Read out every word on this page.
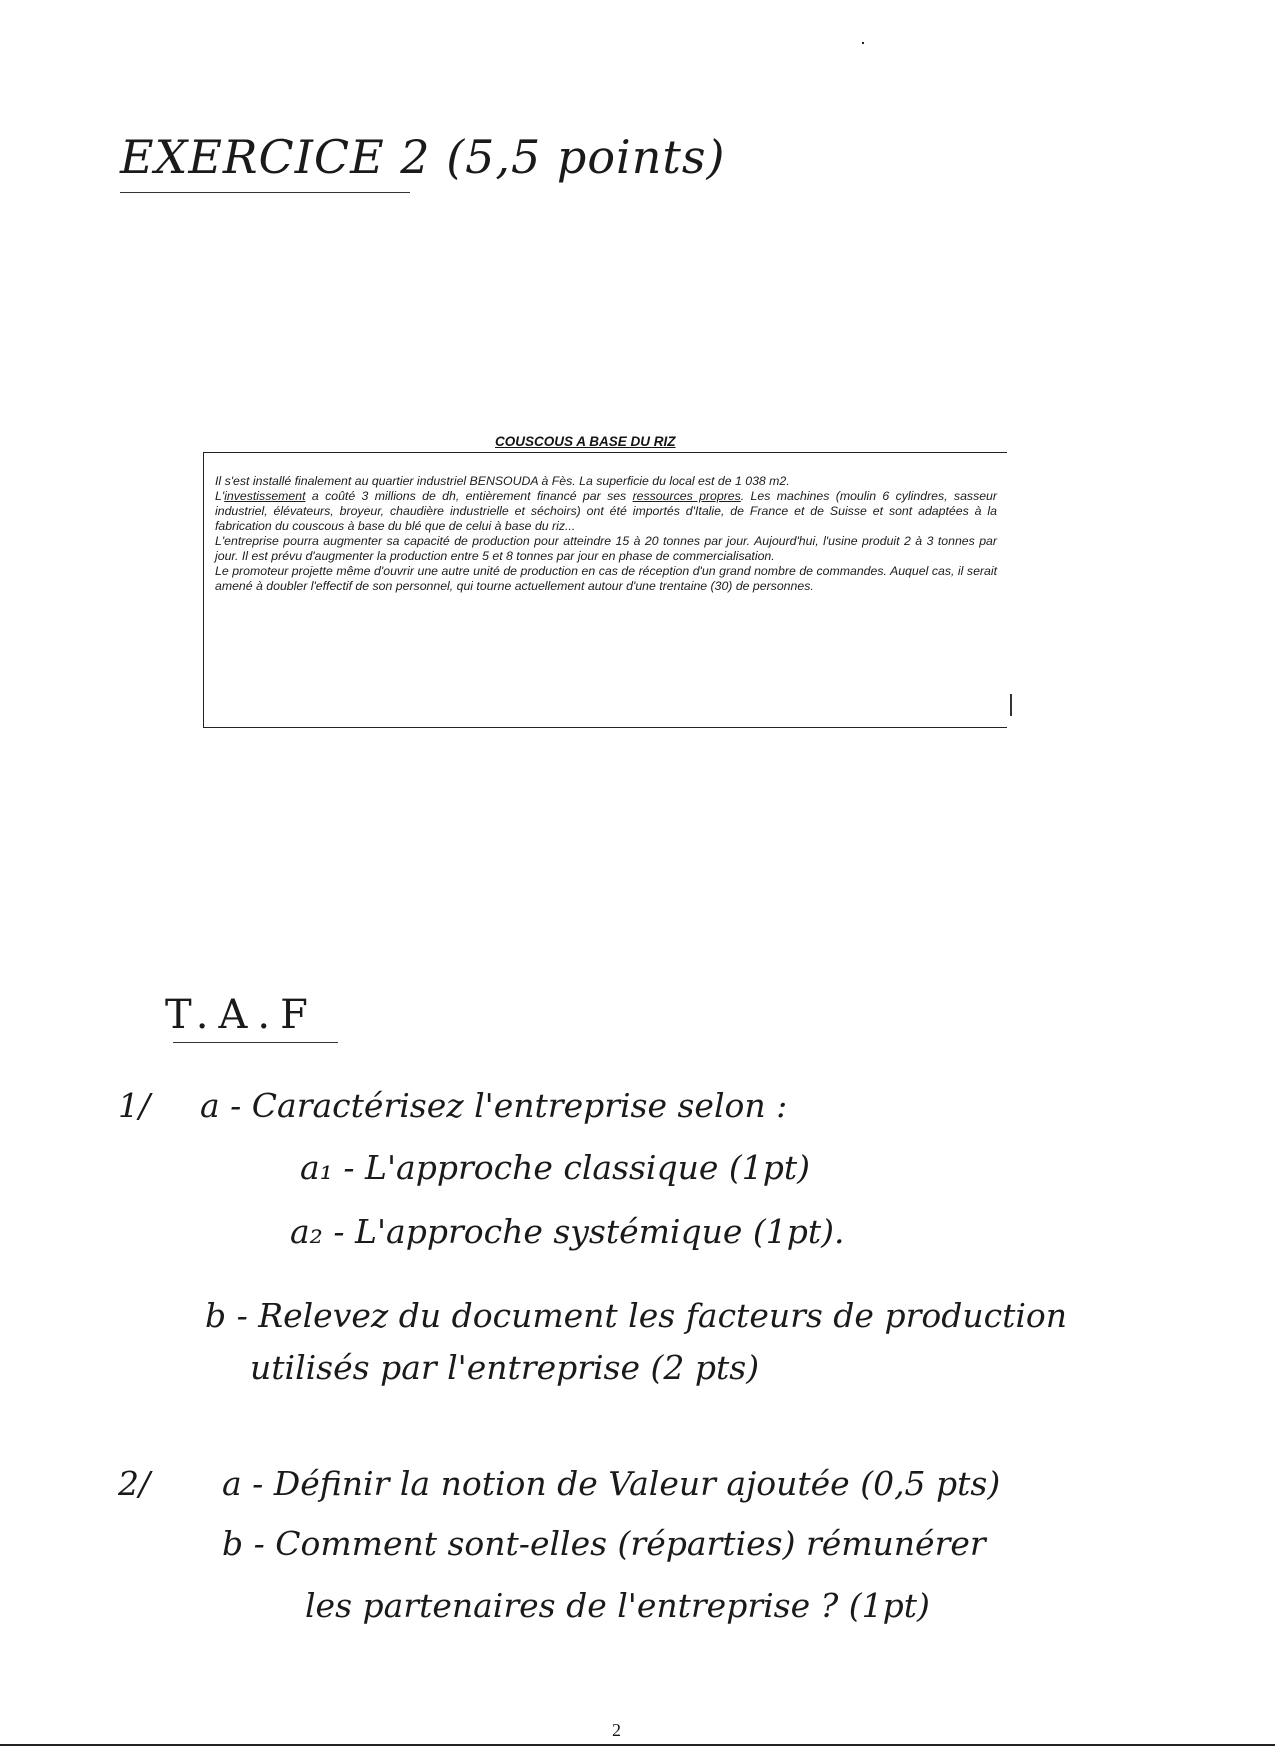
EXERCICE 2 (5,5 points)
COUSCOUS A BASE DU RIZ

Il s'est installé finalement au quartier industriel BENSOUDA à Fès. La superficie du local est de 1 038 m2.

L'investissement a coûté 3 millions de dh, entièrement financé par ses ressources propres. Les machines (moulin 6 cylindres, sasseur industriel, élévateurs, broyeur, chaudière industrielle et séchoirs) ont été importés d'Italie, de France et de Suisse et sont adaptées à la fabrication du couscous à base du blé que de celui à base du riz...

L'entreprise pourra augmenter sa capacité de production pour atteindre 15 à 20 tonnes par jour. Aujourd'hui, l'usine produit 2 à 3 tonnes par jour. Il est prévu d'augmenter la production entre 5 et 8 tonnes par jour en phase de commercialisation.

Le promoteur projette même d'ouvrir une autre unité de production en cas de réception d'un grand nombre de commandes. Auquel cas, il serait amené à doubler l'effectif de son personnel, qui tourne actuellement autour d'une trentaine (30) de personnes.

T.A.F
1/ a - Caractérisez l'entreprise selon :
a₁ - L'approche classique (1pt)
a₂ - L'approche systémique (1pt).
b - Relevez du document les facteurs de production
utilisés par l'entreprise (2 pts)
2/ a - Définir la notion de Valeur ajoutée (0,5 pts)
b - Comment sont-elles (réparties) rémunérer
les partenaires de l'entreprise ? (1pt)
2
